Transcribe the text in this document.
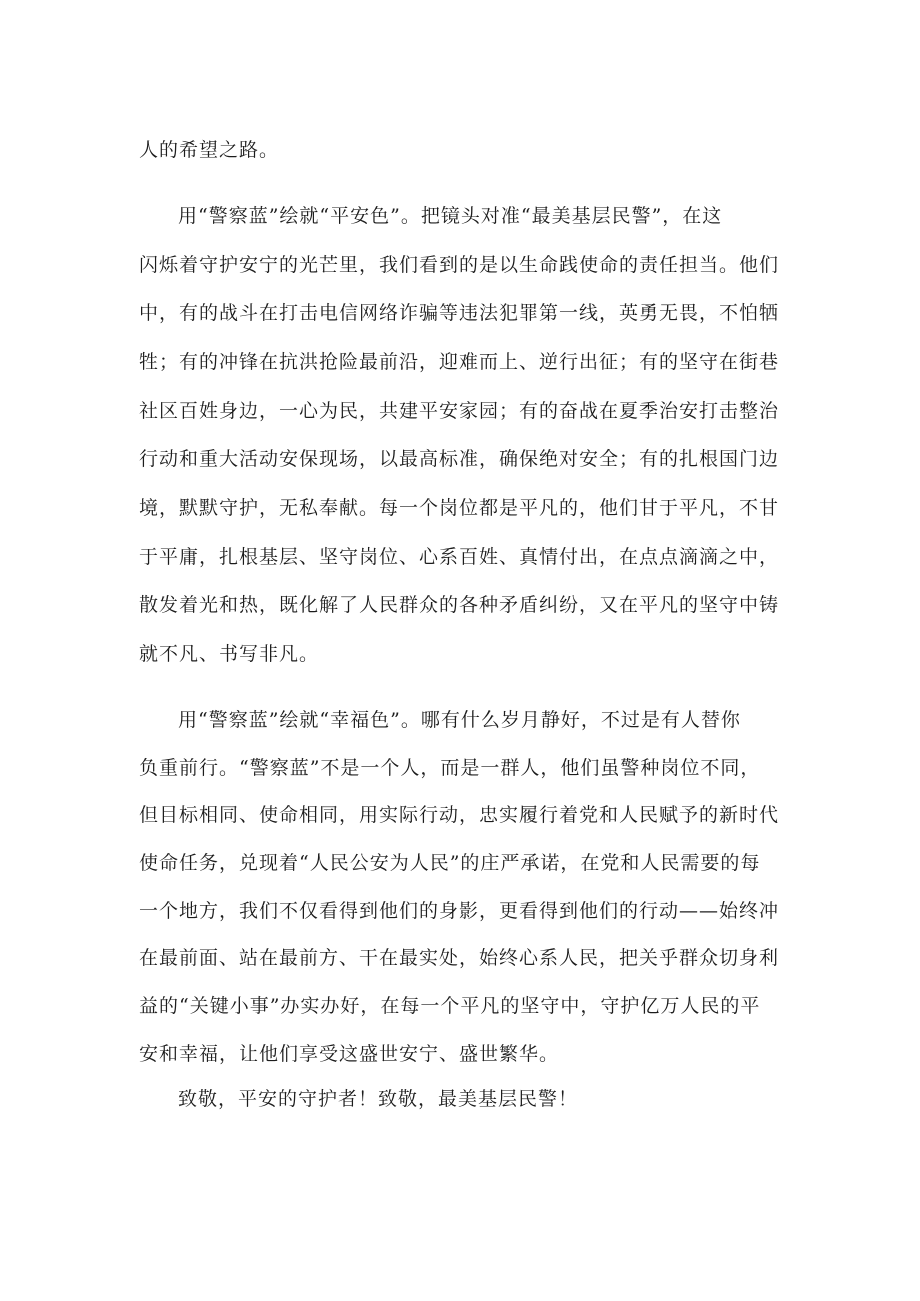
人的希望之路。
用“警察蓝”绘就“平安色”。把镜头对准“最美基层民警”，在这
闪烁着守护安宁的光芒里，我们看到的是以生命践使命的责任担当。他们
中，有的战斗在打击电信网络诈骗等违法犯罪第一线，英勇无畏，不怕牺
牲；有的冲锋在抗洪抢险最前沿，迎难而上、逆行出征；有的坚守在街巷
社区百姓身边，一心为民，共建平安家园；有的奋战在夏季治安打击整治
行动和重大活动安保现场，以最高标准，确保绝对安全；有的扎根国门边
境，默默守护，无私奉献。每一个岗位都是平凡的，他们甘于平凡，不甘
于平庸，扎根基层、坚守岗位、心系百姓、真情付出，在点点滴滴之中，
散发着光和热，既化解了人民群众的各种矛盾纠纷，又在平凡的坚守中铸
就不凡、书写非凡。
用“警察蓝”绘就“幸福色”。哪有什么岁月静好，不过是有人替你
负重前行。“警察蓝”不是一个人，而是一群人，他们虽警种岗位不同，
但目标相同、使命相同，用实际行动，忠实履行着党和人民赋予的新时代
使命任务，兑现着“人民公安为人民”的庄严承诺，在党和人民需要的每
一个地方，我们不仅看得到他们的身影，更看得到他们的行动——始终冲
在最前面、站在最前方、干在最实处，始终心系人民，把关乎群众切身利
益的“关键小事”办实办好，在每一个平凡的坚守中，守护亿万人民的平
安和幸福，让他们享受这盛世安宁、盛世繁华。
致敬，平安的守护者！致敬，最美基层民警！
